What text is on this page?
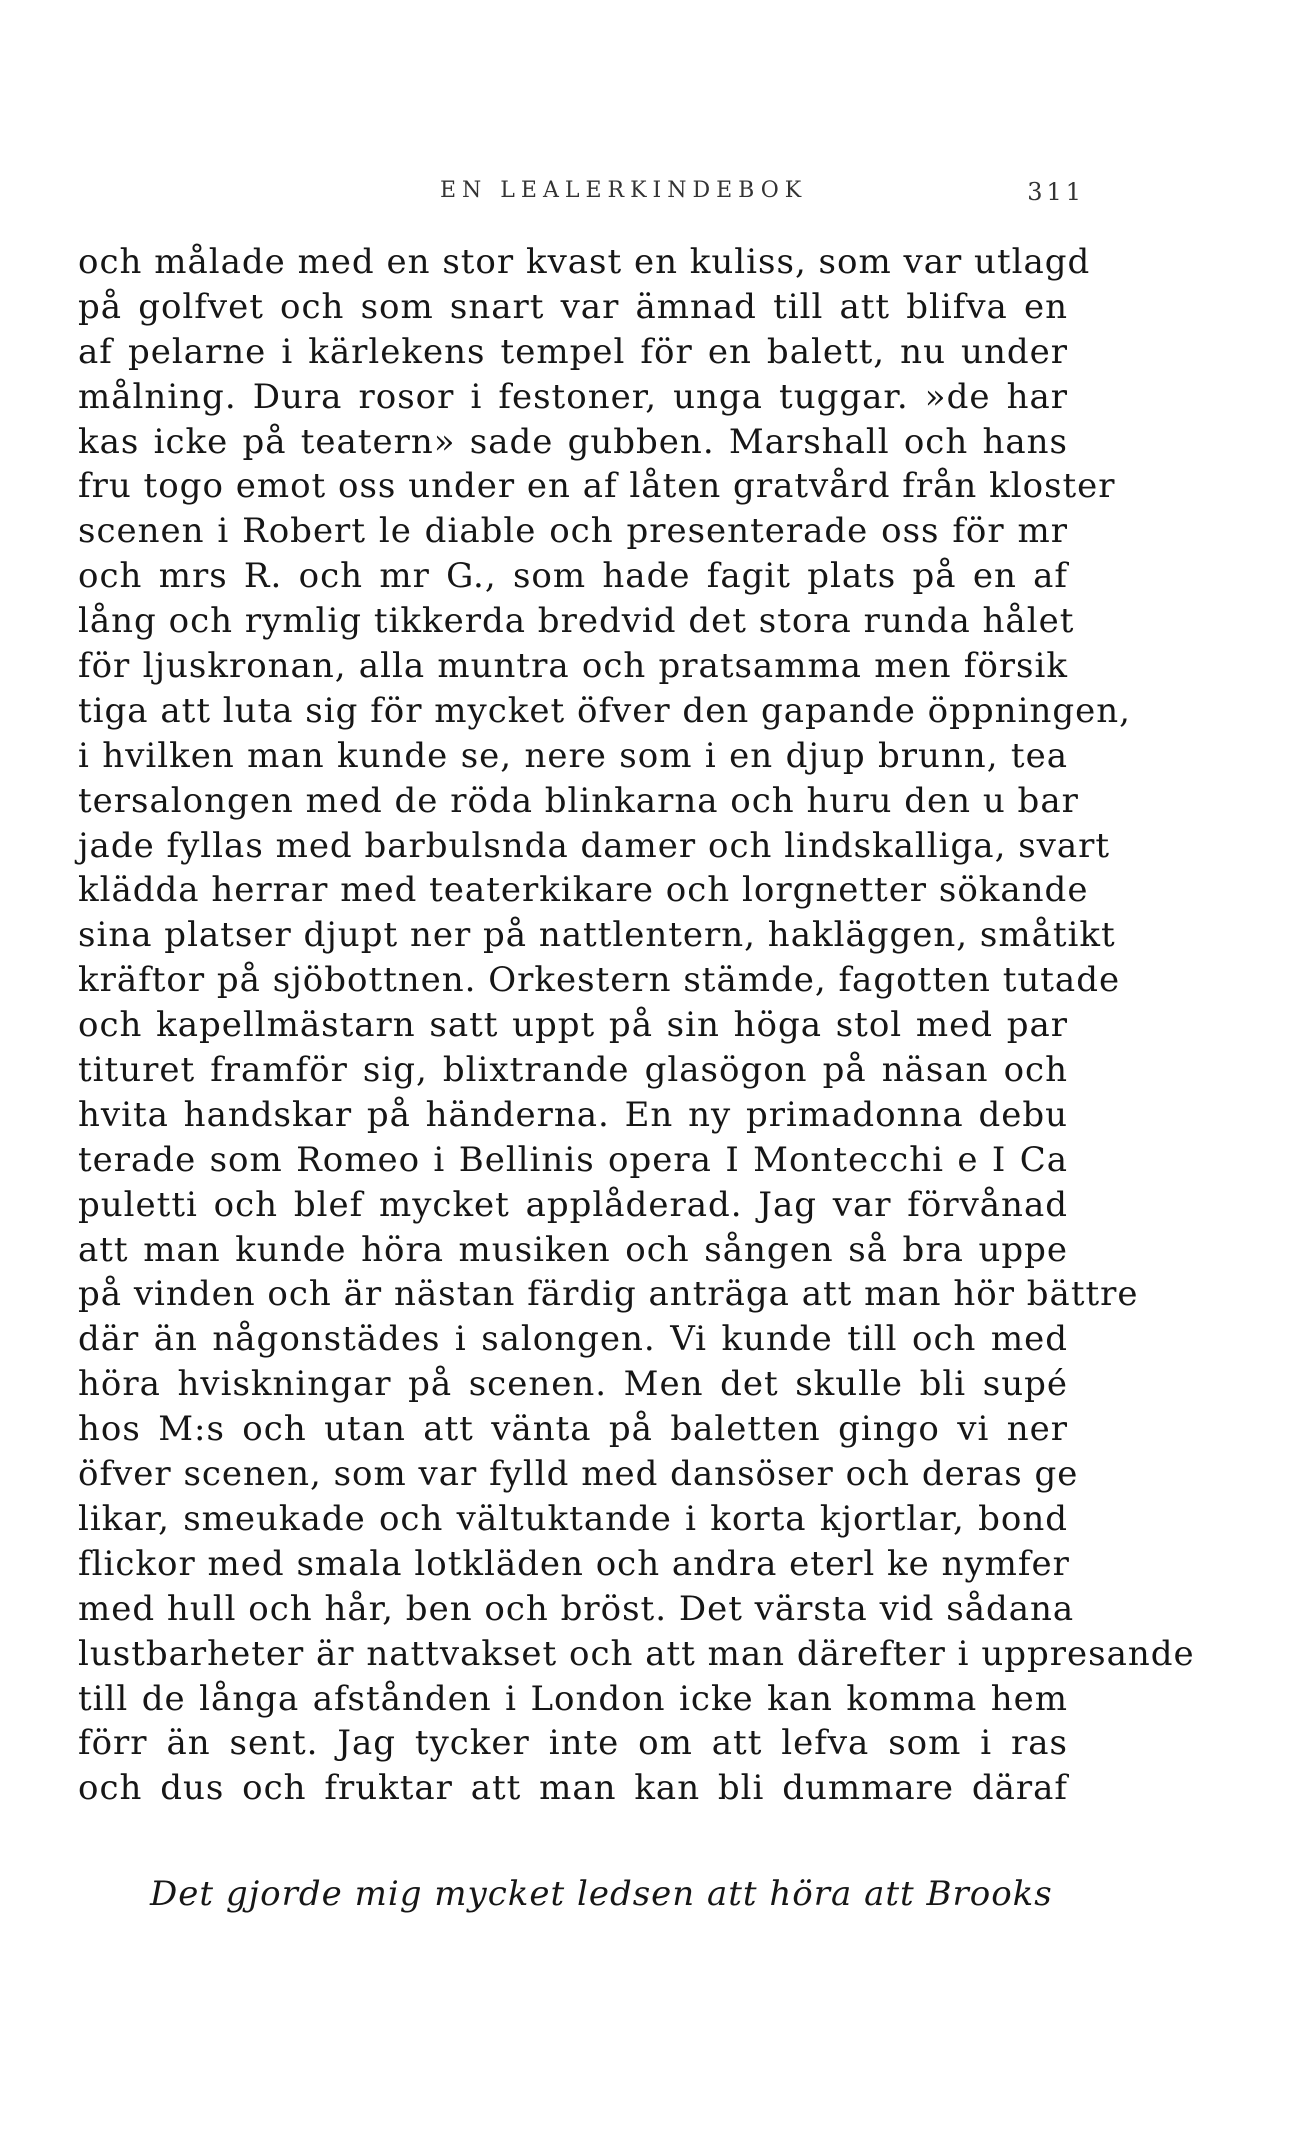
EN LEALERKINDEBOK	311
och målade med en stor kvast en kuliss, som var utlagd
på golfvet och som snart var ämnad till att blifva en
af pelarne i kärlekens tempel för en balett, nu under
målning. Dura rosor i festoner, unga tuggar. »de har
kas icke på teatern» sade gubben. Marshall och hans
fru togo emot oss under en af låten gratvård från kloster
scenen i Robert le diable och presenterade oss för mr
och mrs R. och mr G., som hade fagit plats på en af
lång och rymlig tikkerda bredvid det stora runda hålet
för ljuskronan, alla muntra och pratsamma men försik
tiga att luta sig för mycket öfver den gapande öppningen,
i hvilken man kunde se, nere som i en djup brunn, tea
tersalongen med de röda blinkarna och huru den u bar
jade fyllas med barbulsnda damer och lindskalliga, svart
klädda herrar med teaterkikare och lorgnetter sökande
sina platser djupt ner på nattlentern, hakläggen, småtikt
kräftor på sjöbottnen. Orkestern stämde, fagotten tutade
och kapellmästarn satt uppt på sin höga stol med par
tituret framför sig, blixtrande glasögon på näsan och
hvita handskar på händerna. En ny primadonna debu
terade som Romeo i Bellinis opera I Montecchi e I Ca
puletti och blef mycket applåderad. Jag var förvånad
att man kunde höra musiken och sången så bra uppe
på vinden och är nästan färdig anträga att man hör bättre
där än någonstädes i salongen. Vi kunde till och med
höra hviskningar på scenen. Men det skulle bli supé
hos M:s och utan att vänta på baletten gingo vi ner
öfver scenen, som var fylld med dansöser och deras ge
likar, smeukade och vältuktande i korta kjortlar, bond
flickor med smala lotkläden och andra eterl ke nymfer
med hull och hår, ben och bröst. Det värsta vid sådana
lustbarheter är nattvakset och att man därefter i uppresande
till de långa afstånden i London icke kan komma hem
förr än sent. Jag tycker inte om att lefva som i ras
och dus och fruktar att man kan bli dummare däraf
Det gjorde mig mycket ledsen att höra att Brooks
